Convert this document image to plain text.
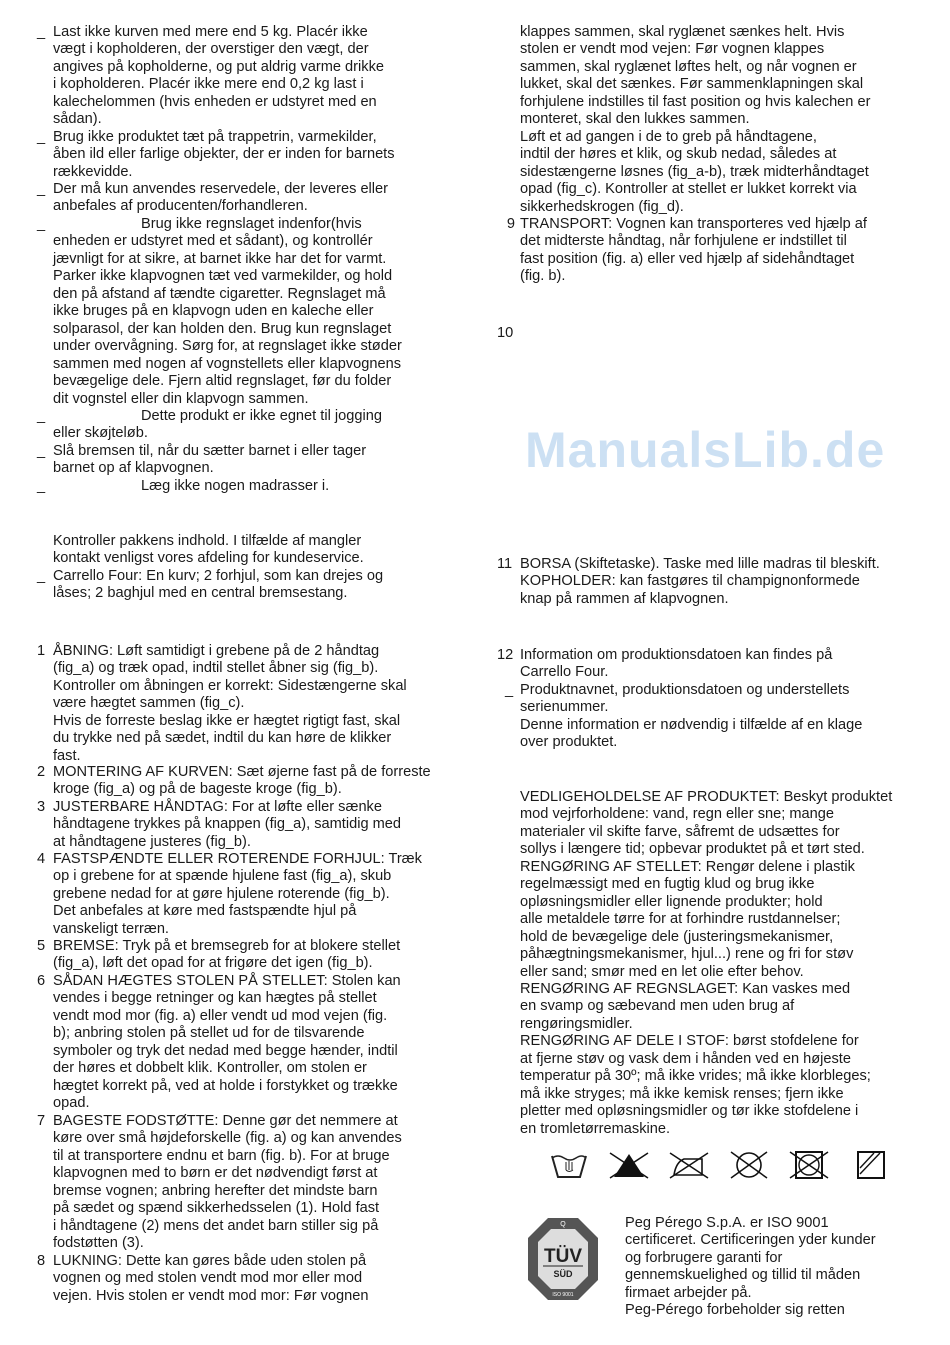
_ Last ikke kurven med mere end 5 kg. Placér ikke
vægt i kopholderen, der overstiger den vægt, der
angives på kopholderne, og put aldrig varme drikke
i kopholderen. Placér ikke mere end 0,2 kg last i
kalechelommen (hvis enheden er udstyret med en
sådan).
_ Brug ikke produktet tæt på trappetrin, varmekilder,
åben ild eller farlige objekter, der er inden for barnets
rækkevidde.
_ Der må kun anvendes reservedele, der leveres eller
anbefales af producenten/forhandleren.
_	Brug ikke regnslaget indenfor(hvis
enheden er udstyret med et sådant), og kontrollér
jævnligt for at sikre, at barnet ikke har det for varmt.
Parker ikke klapvognen tæt ved varmekilder, og hold
den på afstand af tændte cigaretter. Regnslaget må
ikke bruges på en klapvogn uden en kaleche eller
solparasol, der kan holden den. Brug kun regnslaget
under overvågning. Sørg for, at regnslaget ikke støder
sammen med nogen af vognstellets eller klapvognens
bevægelige dele. Fjern altid regnslaget, før du folder
dit vognstel eller din klapvogn sammen.
_	Dette produkt er ikke egnet til jogging
eller skøjteløb.
_ Slå bremsen til, når du sætter barnet i eller tager
barnet op af klapvognen.
_	Læg ikke nogen madrasser i.
Kontroller pakkens indhold. I tilfælde af mangler
kontakt venligst vores afdeling for kundeservice.
_ Carrello Four: En kurv; 2 forhjul, som kan drejes og
låses; 2 baghjul med en central bremsestang.
1 ÅBNING: Løft samtidigt i grebene på de 2 håndtag
(fig_a) og træk opad, indtil stellet åbner sig (fig_b).
Kontroller om åbningen er korrekt: Sidestængerne skal
være hægtet sammen (fig_c).
Hvis de forreste beslag ikke er hægtet rigtigt fast, skal
du trykke ned på sædet, indtil du kan høre de klikker
fast.
2 MONTERING AF KURVEN: Sæt øjerne fast på de forreste
kroge (fig_a) og på de bageste kroge (fig_b).
3 JUSTERBARE HÅNDTAG: For at løfte eller sænke
håndtagene trykkes på knappen (fig_a), samtidig med
at håndtagene justeres (fig_b).
4 FASTSPÆNDTE ELLER ROTERENDE FORHJUL: Træk
op i grebene for at spænde hjulene fast (fig_a), skub
grebene nedad for at gøre hjulene roterende (fig_b).
Det anbefales at køre med fastspændte hjul på
vanskeligt terræn.
5 BREMSE: Tryk på et bremsegreb for at blokere stellet
(fig_a), løft det opad for at frigøre det igen (fig_b).
6 SÅDAN HÆGTES STOLEN PÅ STELLET: Stolen kan
vendes i begge retninger og kan hægtes på stellet
vendt mod mor (fig. a) eller vendt ud mod vejen (fig.
b); anbring stolen på stellet ud for de tilsvarende
symboler og tryk det nedad med begge hænder, indtil
der høres et dobbelt klik. Kontroller, om stolen er
hægtet korrekt på, ved at holde i forstykket og trække
opad.
7 BAGESTE FODSTØTTE: Denne gør det nemmere at
køre over små højdeforskelle (fig. a) og kan anvendes
til at transportere endnu et barn (fig. b). For at bruge
klapvognen med to børn er det nødvendigt først at
bremse vognen; anbring herefter det mindste barn
på sædet og spænd sikkerhedsselen (1). Hold fast
i håndtagene (2) mens det andet barn stiller sig på
fodstøtten (3).
8 LUKNING: Dette kan gøres både uden stolen på
vognen og med stolen vendt mod mor eller mod
vejen. Hvis stolen er vendt mod mor: Før vognen
klappes sammen, skal ryglænet sænkes helt. Hvis
stolen er vendt mod vejen: Før vognen klappes
sammen, skal ryglænet løftes helt, og når vognen er
lukket, skal det sænkes. Før sammenklapningen skal
forhjulene indstilles til fast position og hvis kalechen er
monteret, skal den lukkes sammen.
Løft et ad gangen i de to greb på håndtagene,
indtil der høres et klik, og skub nedad, således at
sidestængerne løsnes (fig_a-b), træk midterhåndtaget
opad (fig_c). Kontroller at stellet er lukket korrekt via
sikkerhedskrogen (fig_d).
9 TRANSPORT: Vognen kan transporteres ved hjælp af
det midterste håndtag, når forhjulene er indstillet til
fast position (fig. a) eller ved hjælp af sidehåndtaget
(fig. b).
10
11 BORSA (Skiftetaske). Taske med lille madras til bleskift.
KOPHOLDER: kan fastgøres til champignonformede
knap på rammen af klapvognen.
12 Information om produktionsdatoen kan findes på
Carrello Four.
_ Produktnavnet, produktionsdatoen og understellets
serienummer.
Denne information er nødvendig i tilfælde af en klage
over produktet.
VEDLIGEHOLDELSE AF PRODUKTET: Beskyt produktet
mod vejrforholdene: vand, regn eller sne; mange
materialer vil skifte farve, såfremt de udsættes for
sollys i længere tid; opbevar produktet på et tørt sted.
RENGØRING AF STELLET: Rengør delene i plastik
regelmæssigt med en fugtig klud og brug ikke
opløsningsmidler eller lignende produkter; hold
alle metaldele tørre for at forhindre rustdannelser;
hold de bevægelige dele (justeringsmekanismer,
påhægtningsmekanismer, hjul...) rene og fri for støv
eller sand; smør med en let olie efter behov.
RENGØRING AF REGNSLAGET: Kan vaskes med
en svamp og sæbevand men uden brug af
rengøringsmidler.
RENGØRING AF DELE I STOF: børst stofdelene for
at fjerne støv og vask dem i hånden ved en højeste
temperatur på 30º; må ikke vrides; må ikke klorbleges;
må ikke stryges; må ikke kemisk renses; fjern ikke
pletter med opløsningsmidler og tør ikke stofdelene i
en tromletørremaskine.
Q
TÜV
SÜD
ISO 9001
Peg Pérego S.p.A. er ISO 9001
certificeret. Certificeringen yder kunder
og forbrugere garanti for
gennemskuelighed og tillid til måden
firmaet arbejder på.
Peg-Pérego forbeholder sig retten
ManualsLib.de
